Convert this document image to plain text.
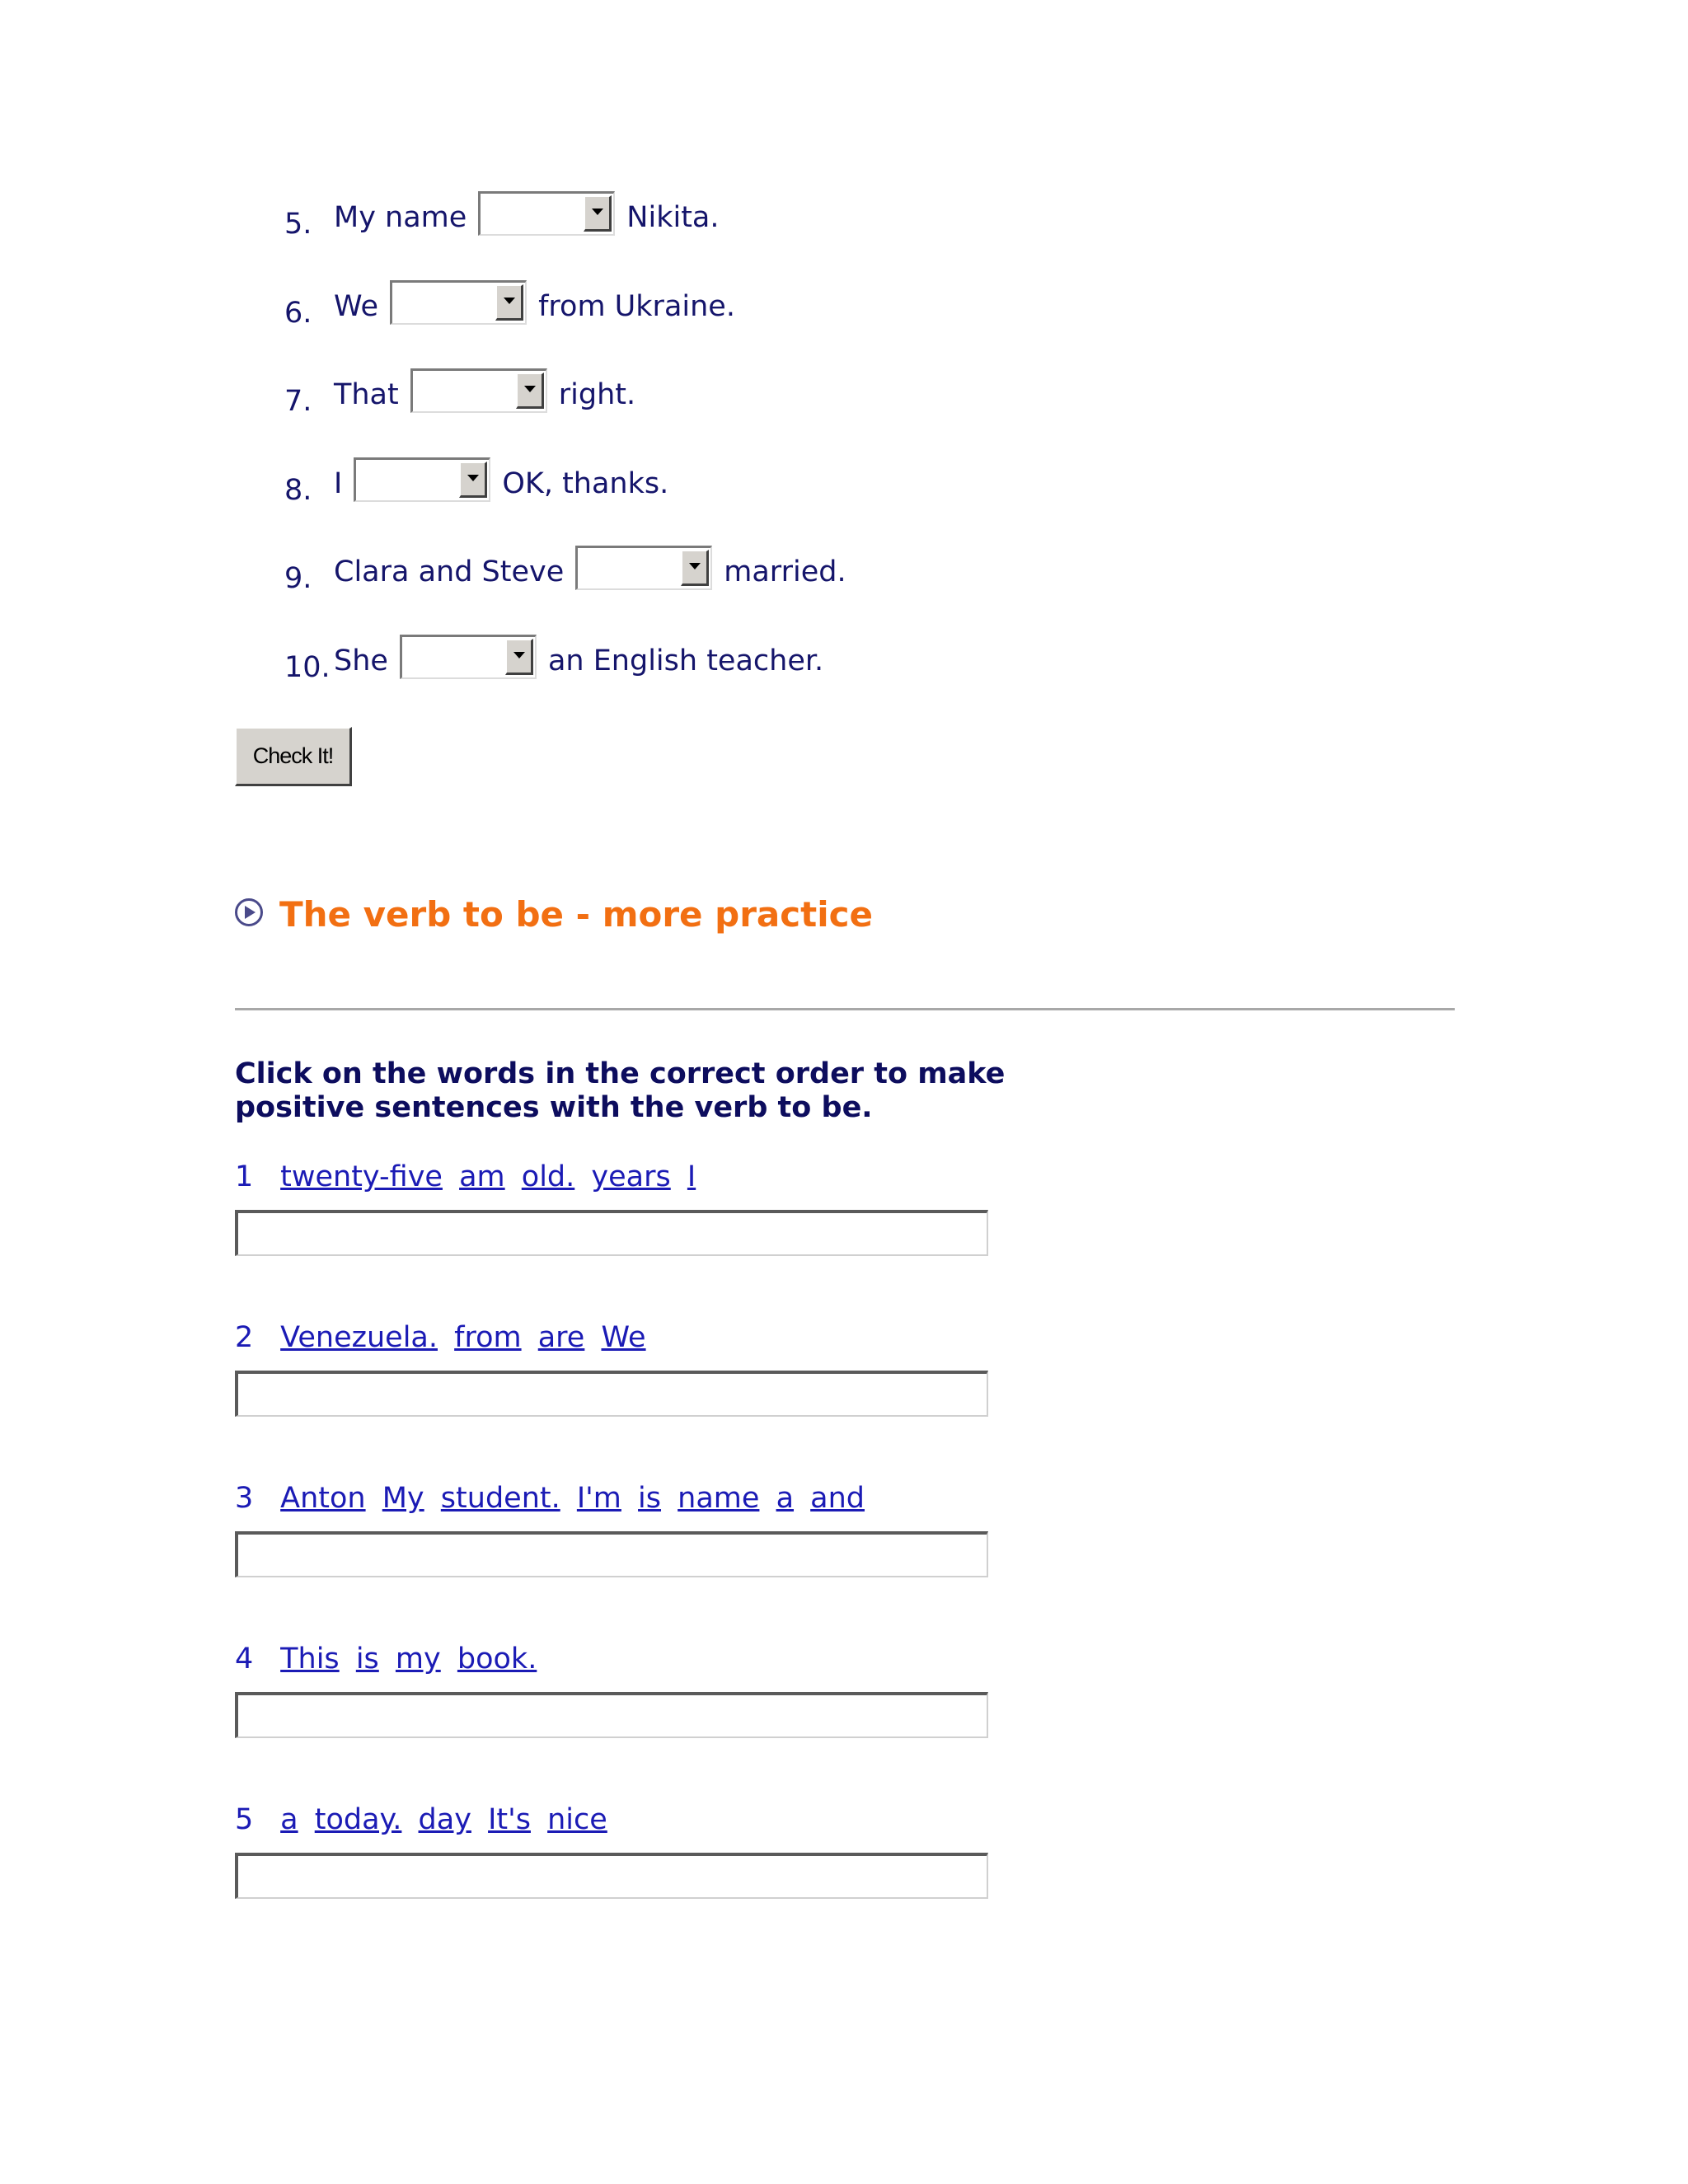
5. My name	Nikita.
6. We	from Ukraine.
7. That	right.
8. I	OK, thanks.
9. Clara and Steve	married.
10. She	an English teacher.
Check It!
The verb to be - more practice
Click on the words in the correct order to make positive sentences with the verb to be.
1 twenty-five am old. years I
2 Venezuela. from are We
3 Anton My student. I'm is name a and
4 This is my book.
5 a today. day It's nice
